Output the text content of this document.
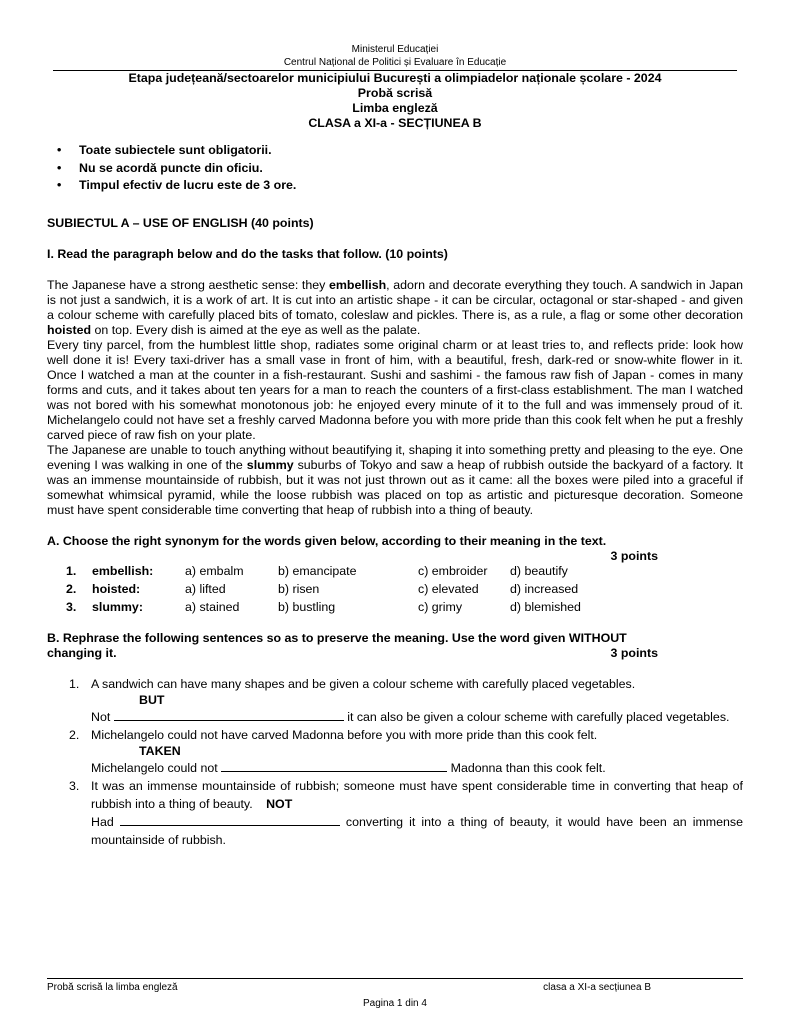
Ministerul Educației
Centrul Național de Politici și Evaluare în Educație
Etapa județeană/sectoarelor municipiului București a olimpiadelor naționale școlare - 2024
Probă scrisă
Limba engleză
CLASA a XI-a - SECȚIUNEA B
• Toate subiectele sunt obligatorii.
• Nu se acordă puncte din oficiu.
• Timpul efectiv de lucru este de 3 ore.
SUBIECTUL A – USE OF ENGLISH (40 points)
I. Read the paragraph below and do the tasks that follow. (10 points)

The Japanese have a strong aesthetic sense: they embellish, adorn and decorate everything they touch. A sandwich in Japan is not just a sandwich, it is a work of art. It is cut into an artistic shape - it can be circular, octagonal or star-shaped - and given a colour scheme with carefully placed bits of tomato, coleslaw and pickles. There is, as a rule, a flag or some other decoration hoisted on top. Every dish is aimed at the eye as well as the palate.

Every tiny parcel, from the humblest little shop, radiates some original charm or at least tries to, and reflects pride: look how well done it is! Every taxi-driver has a small vase in front of him, with a beautiful, fresh, dark-red or snow-white flower in it. Once I watched a man at the counter in a fish-restaurant. Sushi and sashimi - the famous raw fish of Japan - comes in many forms and cuts, and it takes about ten years for a man to reach the counters of a first-class establishment. The man I watched was not bored with his somewhat monotonous job: he enjoyed every minute of it to the full and was immensely proud of it. Michelangelo could not have set a freshly carved Madonna before you with more pride than this cook felt when he put a freshly carved piece of raw fish on your plate.

The Japanese are unable to touch anything without beautifying it, shaping it into something pretty and pleasing to the eye. One evening I was walking in one of the slummy suburbs of Tokyo and saw a heap of rubbish outside the backyard of a factory. It was an immense mountainside of rubbish, but it was not just thrown out as it came: all the boxes were piled into a graceful if somewhat whimsical pyramid, while the loose rubbish was placed on top as artistic and picturesque decoration. Someone must have spent considerable time converting that heap of rubbish into a thing of beauty.

A. Choose the right synonym for the words given below, according to their meaning in the text.
3 points
1.	embellish:	a) embalm	b) emancipate	c) embroider	d) beautify
2.	hoisted:	a) lifted	b) risen	c) elevated	d) increased
3.	slummy:	a) stained	b) bustling	c) grimy	d) blemished
B. Rephrase the following sentences so as to preserve the meaning. Use the word given WITHOUT
changing it.	3 points
1. A sandwich can have many shapes and be given a colour scheme with carefully placed vegetables.
BUT
Not	it can also be given a colour scheme with carefully placed vegetables.
2. Michelangelo could not have carved Madonna before you with more pride than this cook felt.
TAKEN
Michelangelo could not	Madonna than this cook felt.
3. It was an immense mountainside of rubbish; someone must have spent considerable time in converting that heap of rubbish into a thing of beauty. NOT
Had	converting it into a thing of beauty, it would have been an immense mountainside of rubbish.
Probă scrisă la limba engleză	clasa a XI-a secțiunea B
Pagina 1 din 4
